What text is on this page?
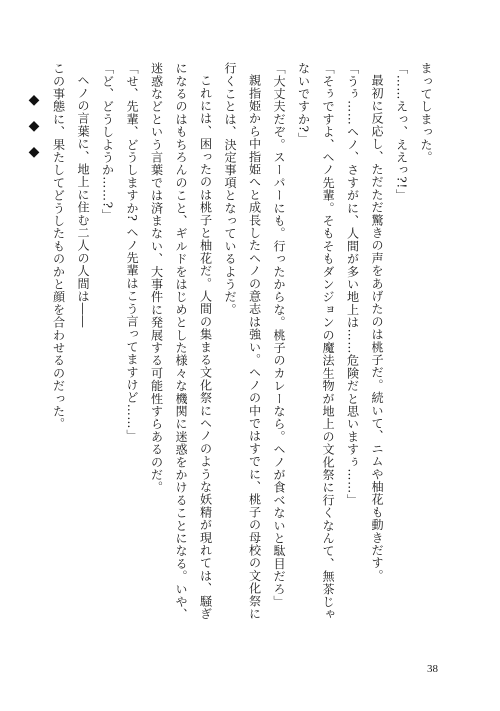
まってしまった。

「……えっ、ええっ?!」

最初に反応し、ただただ驚きの声をあげたのは桃子だ。続いて、ニムや柚花も動きだす。

「うぅ……ヘノ、さすがに、人間が多い地上は……危険だと思いますぅ……」

「そぅですよ、ヘノ先輩。そもそもダンジョンの魔法生物が地上の文化祭に行くなんて、無茶じゃ

ないですか?」

「大丈夫だぞ。スーパーにも。行ったからな。桃子のカレーなら。ヘノが食べないと駄目だろ」

親指姫から中指姫へと成長したヘノの意志は強い。ヘノの中ではすでに、桃子の母校の文化祭に

行くことは、決定事項となっているようだ。

これには、困ったのは桃子と柚花だ。人間の集まる文化祭にヘノのような妖精が現れては、騒ぎ

になるのはもちろんのこと、ギルドをはじめとした様々な機関に迷惑をかけることになる。いや、

迷惑などという言葉では済まない、大事件に発展する可能性すらあるのだ。

「せ、先輩、どうしますか? ヘノ先輩はこう言ってますけど……」

「ど、どうしようか……?」

ヘノの言葉に、地上に住む二人の人間は――

この事態に、果たしてどうしたものかと顔を合わせるのだった。

◆◆◆
38
